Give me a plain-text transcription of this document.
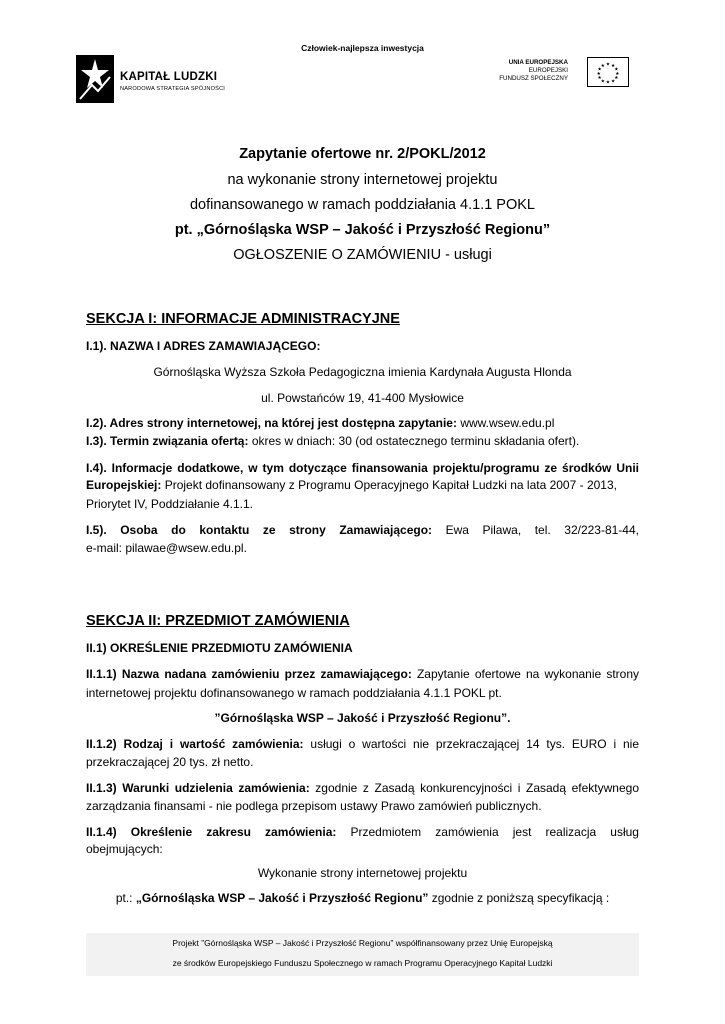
Człowiek-najlepsza inwestycja
KAPITAŁ LUDZKI
NARODOWA STRATEGIA SPÓJNOŚCI
UNIA EUROPEJSKA
EUROPEJSKI
FUNDUSZ SPOŁECZNY
★ ★
★
★
★
★
★
★
★
★
★
★
Zapytanie ofertowe nr. 2/POKL/2012
na wykonanie strony internetowej projektu
dofinansowanego w ramach poddziałania 4.1.1 POKL
pt. „Górnośląska WSP – Jakość i Przyszłość Regionu”
OGŁOSZENIE O ZAMÓWIENIU - usługi
SEKCJA I: INFORMACJE ADMINISTRACYJNE
I.1). NAZWA I ADRES ZAMAWIAJĄCEGO:
Górnośląska Wyższa Szkoła Pedagogiczna imienia Kardynała Augusta Hlonda
ul. Powstańców 19, 41-400 Mysłowice
I.2). Adres strony internetowej, na której jest dostępna zapytanie: www.wsew.edu.pl
I.3). Termin związania ofertą: okres w dniach: 30 (od ostatecznego terminu składania ofert).
I.4). Informacje dodatkowe, w tym dotyczące finansowania projektu/programu ze środków Unii
Europejskiej: Projekt dofinansowany z Programu Operacyjnego Kapitał Ludzki na lata 2007 - 2013,
Priorytet IV, Poddziałanie 4.1.1.
I.5). Osoba do kontaktu ze strony Zamawiającego: Ewa Pilawa, tel. 32/223-81-44,
e-mail: pilawae@wsew.edu.pl.
SEKCJA II: PRZEDMIOT ZAMÓWIENIA
II.1) OKREŚLENIE PRZEDMIOTU ZAMÓWIENIA
II.1.1) Nazwa nadana zamówieniu przez zamawiającego: Zapytanie ofertowe na wykonanie strony
internetowej projektu dofinansowanego w ramach poddziałania 4.1.1 POKL pt.
”Górnośląska WSP – Jakość i Przyszłość Regionu”.
II.1.2) Rodzaj i wartość zamówienia: usługi o wartości nie przekraczającej 14 tys. EURO i nie
przekraczającej 20 tys. zł netto.
II.1.3) Warunki udzielenia zamówienia: zgodnie z Zasadą konkurencyjności i Zasadą efektywnego
zarządzania finansami - nie podlega przepisom ustawy Prawo zamówień publicznych.
II.1.4) Określenie zakresu zamówienia: Przedmiotem zamówienia jest realizacja usług
obejmujących:
Wykonanie strony internetowej projektu
pt.: „Górnośląska WSP – Jakość i Przyszłość Regionu” zgodnie z poniższą specyfikacją :
Projekt ”Górnośląska WSP – Jakość i Przyszłość Regionu” współfinansowany przez Unię Europejską
ze środków Europejskiego Funduszu Społecznego w ramach Programu Operacyjnego Kapitał Ludzki
